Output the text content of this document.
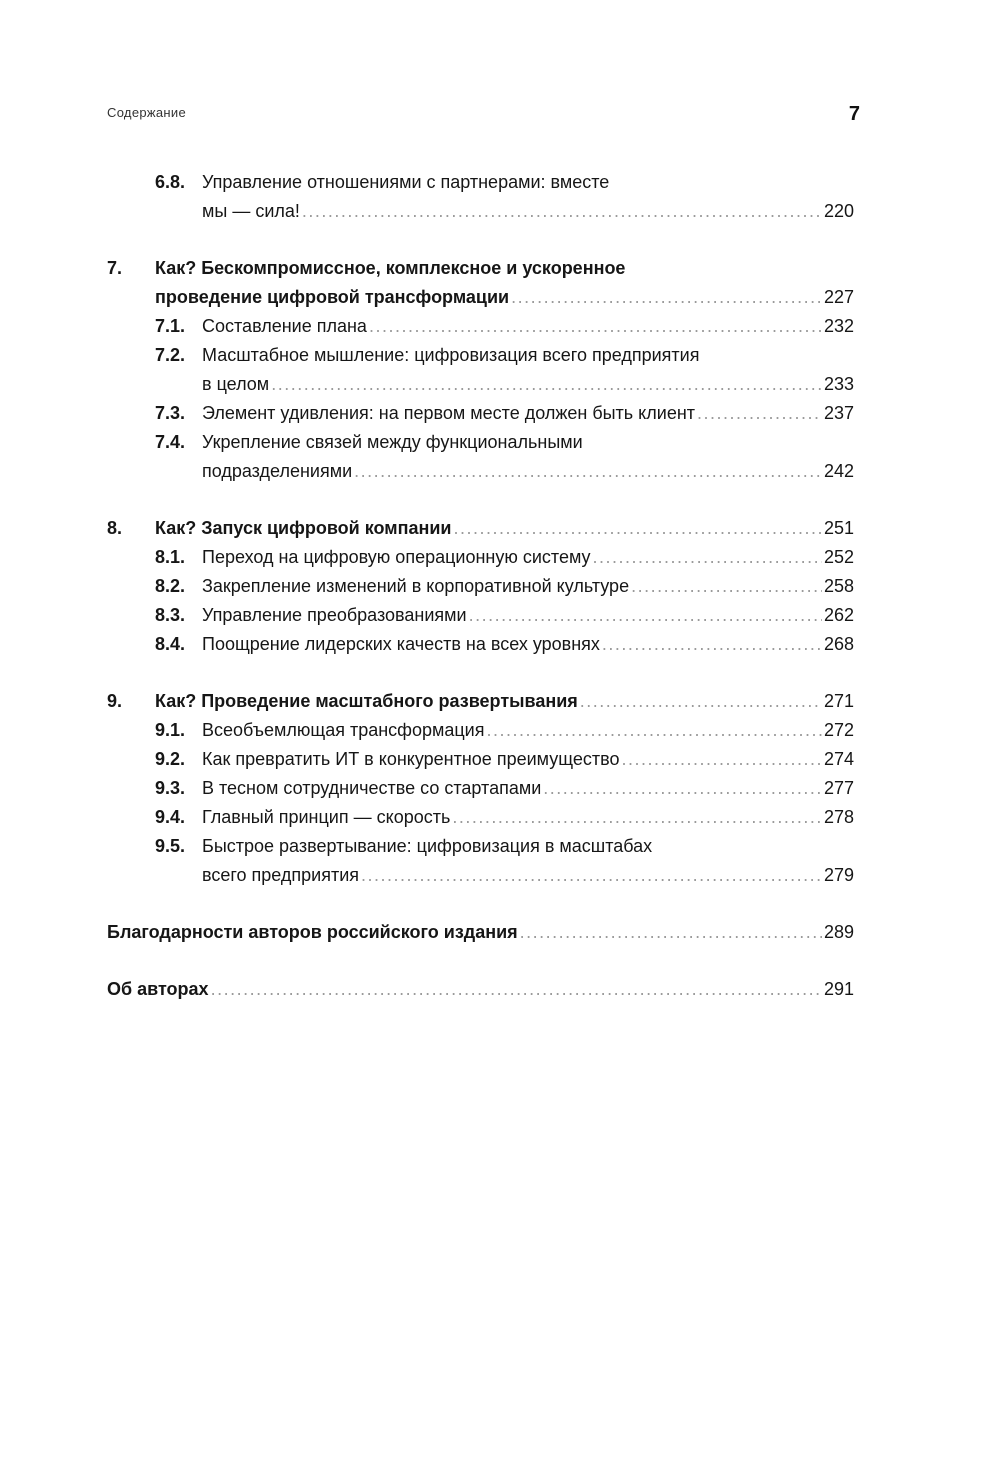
Содержание	7
6.8. Управление отношениями с партнерами: вместе
мы — сила! .....	220
7. Как? Бескомпромиссное, комплексное и ускоренное
проведение цифровой трансформации .....	227
7.1. Составление плана .....	232
7.2. Масштабное мышление: цифровизация всего предприятия
в целом .....	233
7.3. Элемент удивления: на первом месте должен быть клиент .....	237
7.4. Укрепление связей между функциональными
подразделениями .....	242
8. Как? Запуск цифровой компании .....	251
8.1. Переход на цифровую операционную систему .....	252
8.2. Закрепление изменений в корпоративной культуре .....	258
8.3. Управление преобразованиями .....	262
8.4. Поощрение лидерских качеств на всех уровнях .....	268
9. Как? Проведение масштабного развертывания .....	271
9.1. Всеобъемлющая трансформация .....	272
9.2. Как превратить ИТ в конкурентное преимущество .....	274
9.3. В тесном сотрудничестве со стартапами .....	277
9.4. Главный принцип — скорость .....	278
9.5. Быстрое развертывание: цифровизация в масштабах
всего предприятия .....	279
Благодарности авторов российского издания .....	289
Об авторах .....	291
